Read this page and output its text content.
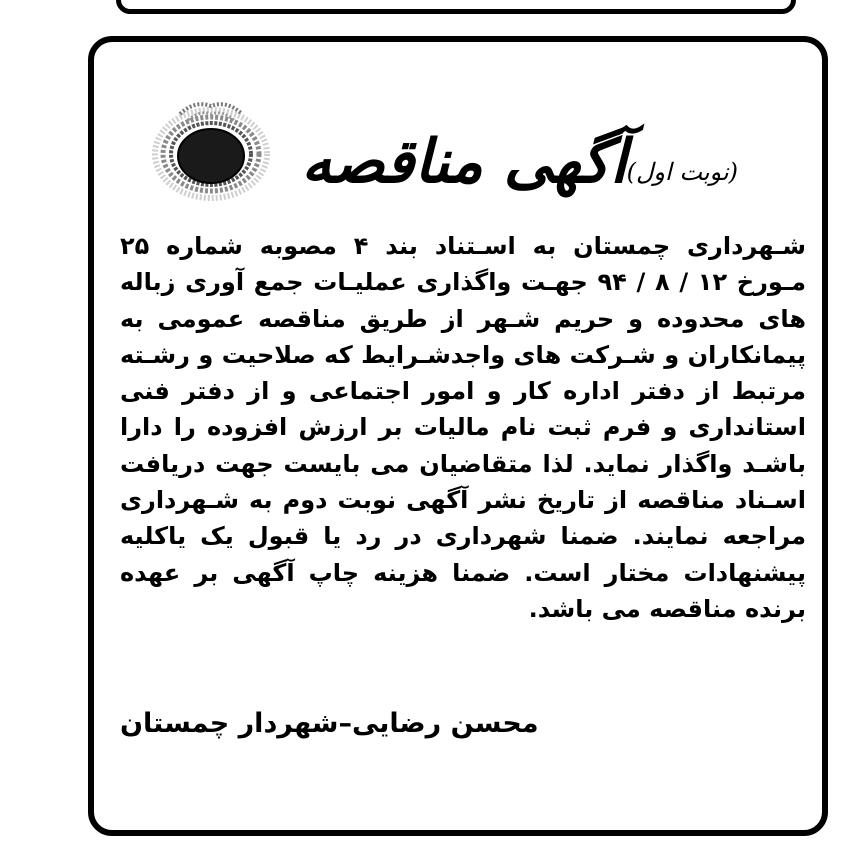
آگهی مناقصه (نوبت اول)

شـهرداری چمستان به اسـتناد بند ۴ مصوبه شماره ۲۵ مـورخ ۱۲ / ۸ / ۹۴ جهـت واگذاری عملیـات جمع آوری زباله های محدوده و حریم شـهر از طریق مناقصه عمومی به پیمانکاران و شـرکت های واجدشـرایط که صلاحیت و رشـته مرتبط از دفتر اداره کار و امور اجتماعی و از دفتر فنی استانداری و فرم ثبت نام مالیات بر ارزش افزوده را دارا باشـد واگذار نماید. لذا متقاضیان می بایست جهت دریافت اسـناد مناقصه از تاریخ نشر آگهی نوبت دوم به شـهرداری مراجعه نمایند. ضمنا شهرداری در رد یا قبول یک یاکلیه پیشنهادات مختار است. ضمنا هزینه چاپ آگهی بر عهده برنده مناقصه می باشد.

محسن رضایی–شهردار چمستان
